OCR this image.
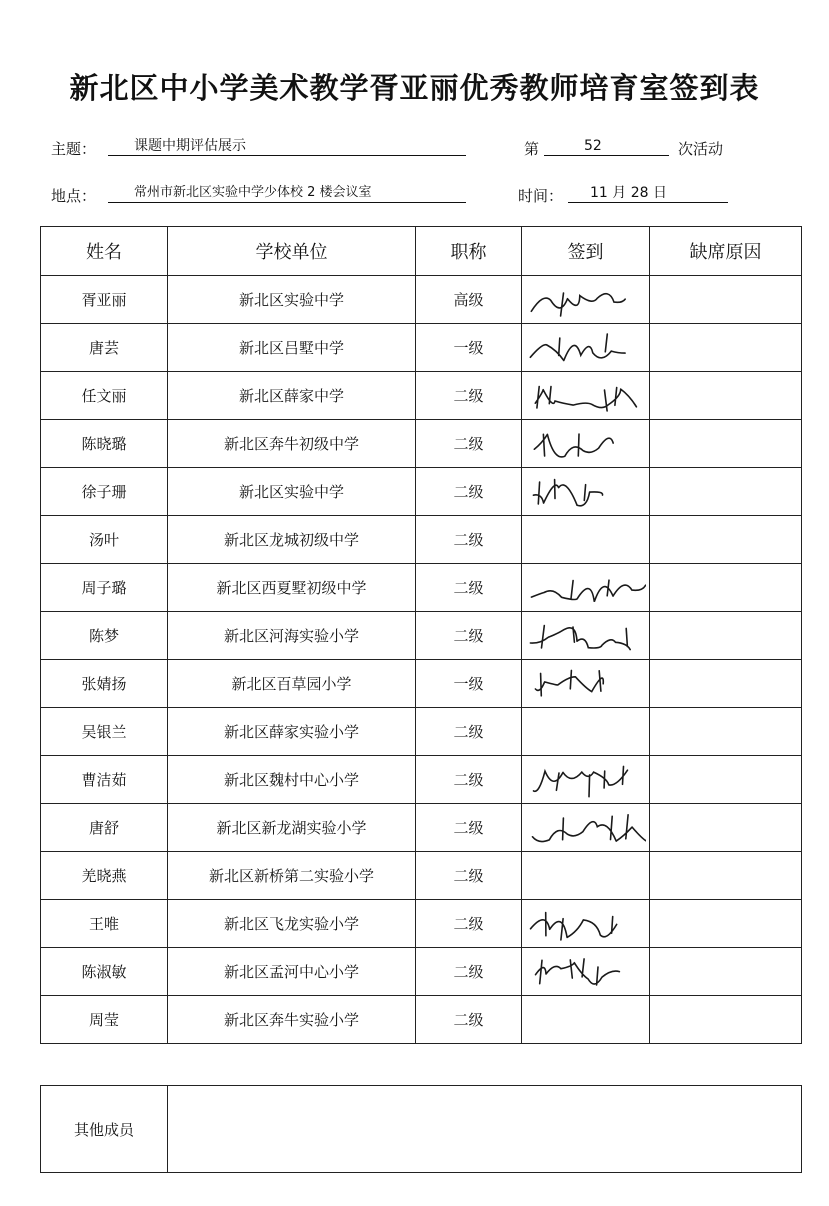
新北区中小学美术教学胥亚丽优秀教师培育室签到表
主题：	课题中期评估展示	第	52	次活动
地点：	常州市新北区实验中学少体校 2 楼会议室	时间：	11 月 28 日
姓名	学校单位	职称	签到	缺席原因
胥亚丽	新北区实验中学	高级	

唐芸	新北区吕墅中学	一级	

任文丽	新北区薛家中学	二级	

陈晓璐	新北区奔牛初级中学	二级	

徐子珊	新北区实验中学	二级	

汤叶	新北区龙城初级中学	二级		
周子璐	新北区西夏墅初级中学	二级	

陈梦	新北区河海实验小学	二级	

张婧扬	新北区百草园小学	一级	

吴银兰	新北区薛家实验小学	二级		
曹洁茹	新北区魏村中心小学	二级	

唐舒	新北区新龙湖实验小学	二级	

羌晓燕	新北区新桥第二实验小学	二级		
王唯	新北区飞龙实验小学	二级	

陈淑敏	新北区孟河中心小学	二级	

周莹	新北区奔牛实验小学	二级		
其他成员	
